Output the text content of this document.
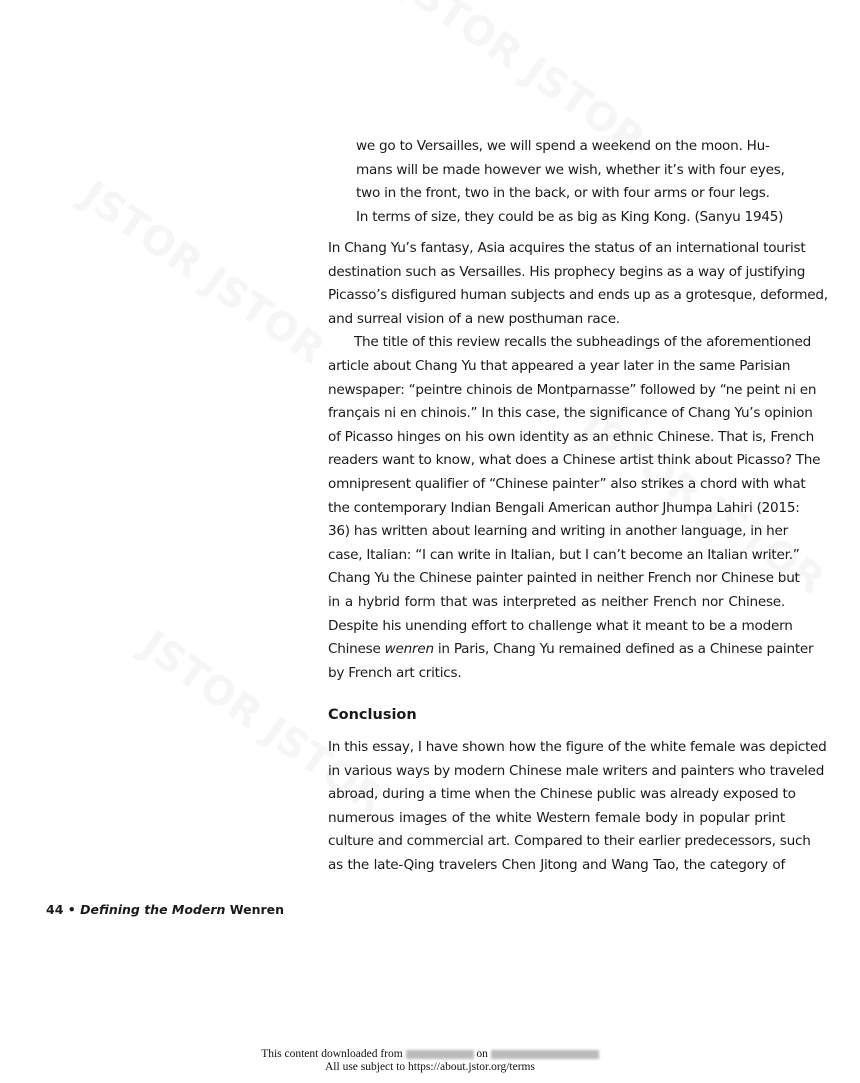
we go to Versailles, we will spend a weekend on the moon. Hu-
mans will be made however we wish, whether it’s with four eyes,
two in the front, two in the back, or with four arms or four legs.
In terms of size, they could be as big as King Kong. (Sanyu 1945)
In Chang Yu’s fantasy, Asia acquires the status of an international tourist
destination such as Versailles. His prophecy begins as a way of justifying
Picasso’s disfigured human subjects and ends up as a grotesque, deformed,
and surreal vision of a new posthuman race.
The title of this review recalls the subheadings of the aforementioned
article about Chang Yu that appeared a year later in the same Parisian
newspaper: “peintre chinois de Montparnasse” followed by “ne peint ni en
français ni en chinois.” In this case, the significance of Chang Yu’s opinion
of Picasso hinges on his own identity as an ethnic Chinese. That is, French
readers want to know, what does a Chinese artist think about Picasso? The
omnipresent qualifier of “Chinese painter” also strikes a chord with what
the contemporary Indian Bengali American author Jhumpa Lahiri (2015:
36) has written about learning and writing in another language, in her
case, Italian: “I can write in Italian, but I can’t become an Italian writer.”
Chang Yu the Chinese painter painted in neither French nor Chinese but
in a hybrid form that was interpreted as neither French nor Chinese.
Despite his unending effort to challenge what it meant to be a modern
Chinese wenren in Paris, Chang Yu remained defined as a Chinese painter
by French art critics.
Conclusion
In this essay, I have shown how the figure of the white female was depicted
in various ways by modern Chinese male writers and painters who traveled
abroad, during a time when the Chinese public was already exposed to
numerous images of the white Western female body in popular print
culture and commercial art. Compared to their earlier predecessors, such
as the late-Qing travelers Chen Jitong and Wang Tao, the category of
44 • Defining the Modern Wenren
This content downloaded from	on
All use subject to https://about.jstor.org/terms
